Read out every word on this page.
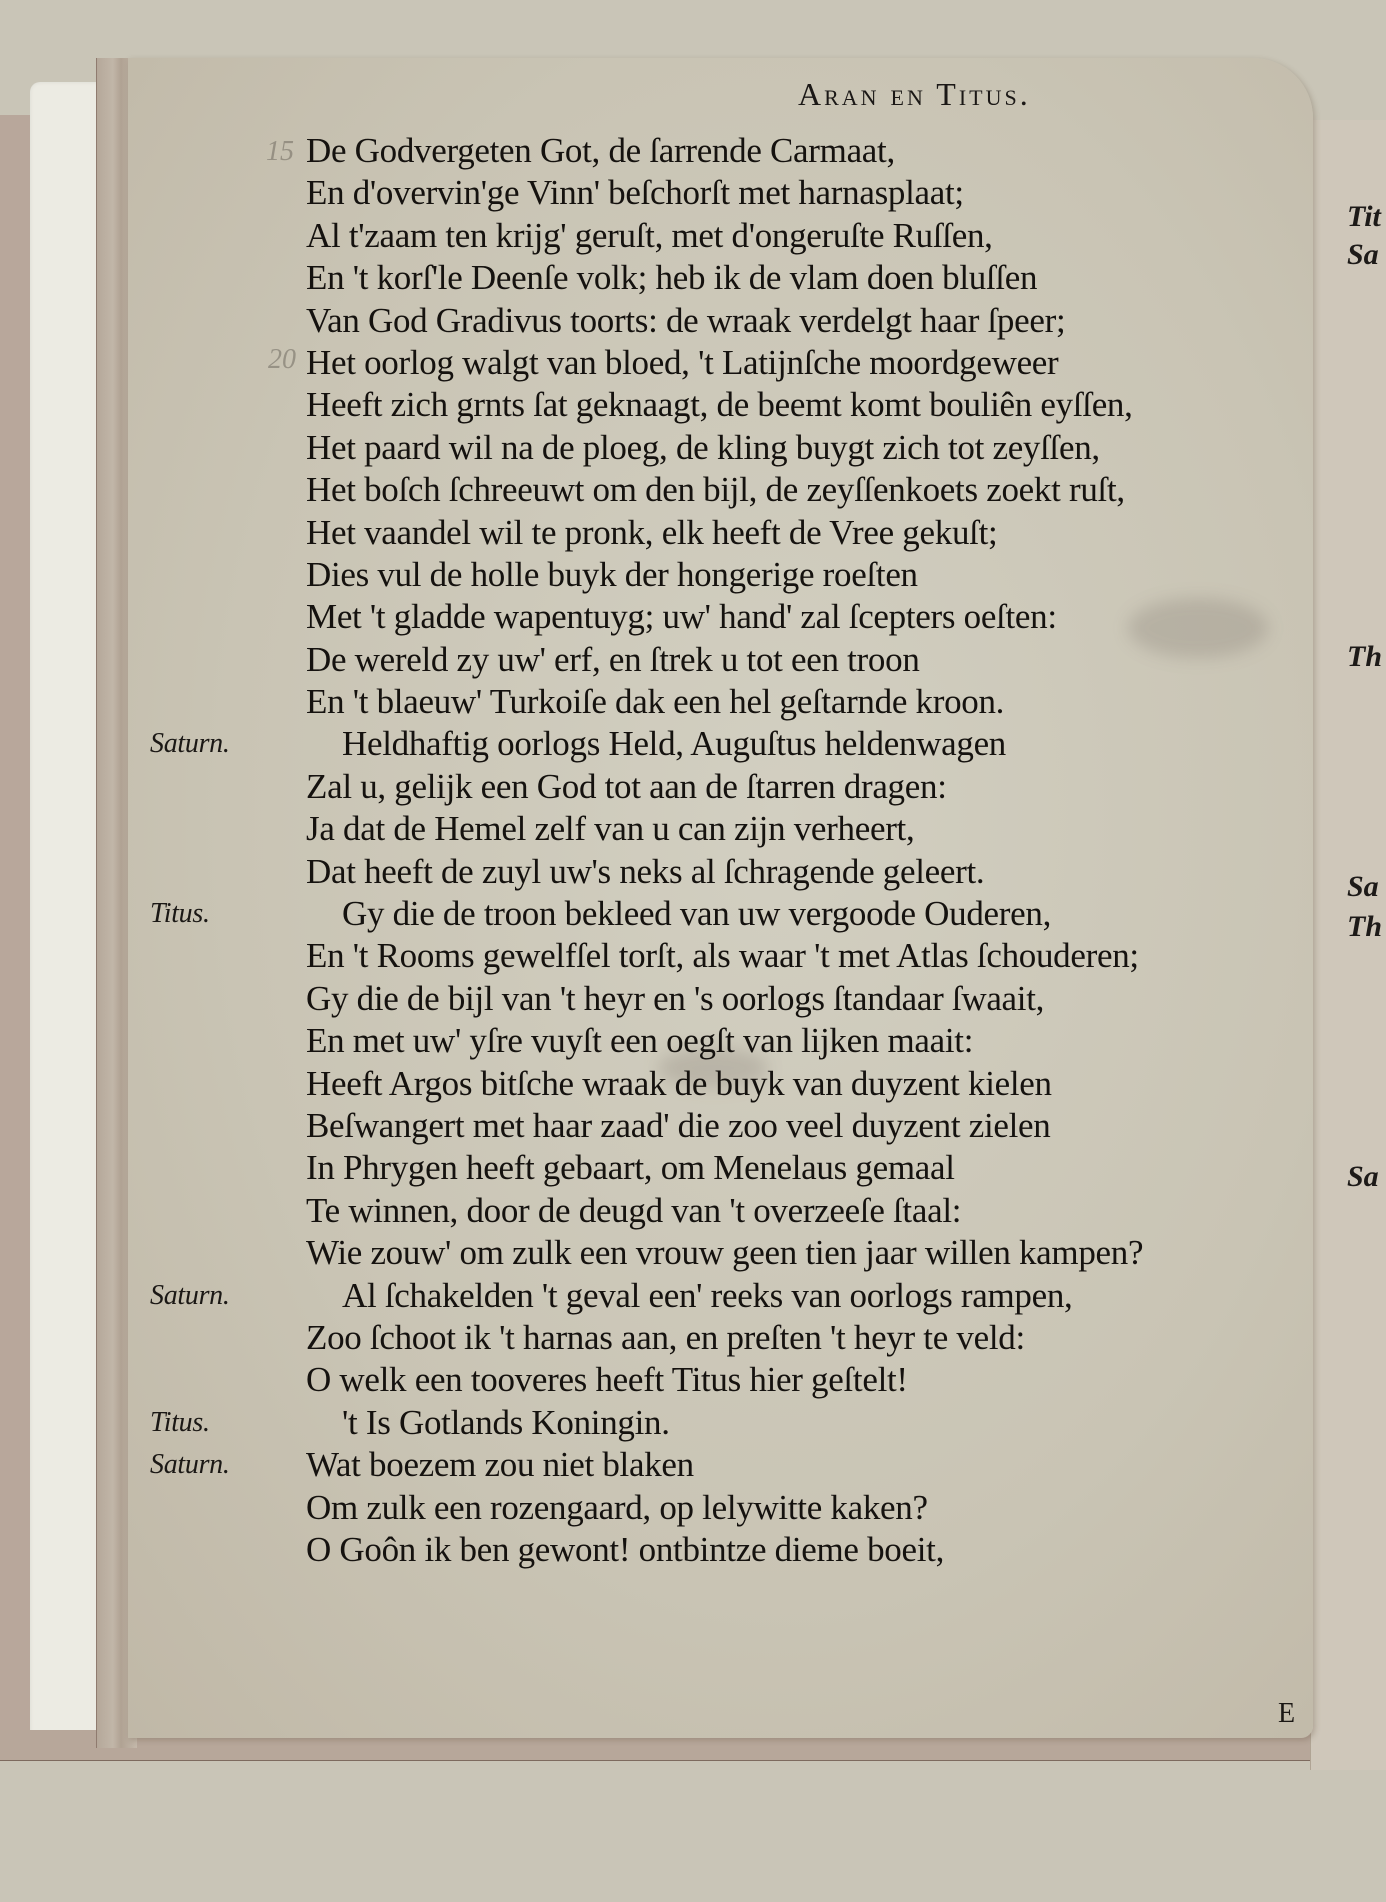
Tit
Sa
Th
Sa
Th
Sa
Aran en Titus.
15
20
De Godvergeten Got, de ſarrende Carmaat,
En d'overvin'ge Vinn' beſchorſt met harnasplaat;
Al t'zaam ten krijg' geruſt, met d'ongeruſte Ruſſen,
En 't korſ'le Deenſe volk; heb ik de vlam doen bluſſen
Van God Gradivus toorts: de wraak verdelgt haar ſpeer;
Het oorlog walgt van bloed, 't Latijnſche moordgeweer
Heeft zich grnts ſat geknaagt, de beemt komt bouliên eyſſen,
Het paard wil na de ploeg, de kling buygt zich tot zeyſſen,
Het boſch ſchreeuwt om den bijl, de zeyſſenkoets zoekt ruſt,
Het vaandel wil te pronk, elk heeft de Vree gekuſt;
Dies vul de holle buyk der hongerige roeſten
Met 't gladde wapentuyg; uw' hand' zal ſcepters oeſten:
De wereld zy uw' erf, en ſtrek u tot een troon
En 't blaeuw' Turkoiſe dak een hel geſtarnde kroon.
Saturn.	Heldhaftig oorlogs Held, Auguſtus heldenwagen
Zal u, gelijk een God tot aan de ſtarren dragen:
Ja dat de Hemel zelf van u can zijn verheert,
Dat heeft de zuyl uw's neks al ſchragende geleert.
Titus.	Gy die de troon bekleed van uw vergoode Ouderen,
En 't Rooms gewelfſel torſt, als waar 't met Atlas ſchouderen;
Gy die de bijl van 't heyr en 's oorlogs ſtandaar ſwaait,
En met uw' yſre vuyſt een oegſt van lijken maait:
Heeft Argos bitſche wraak de buyk van duyzent kielen
Beſwangert met haar zaad' die zoo veel duyzent zielen
In Phrygen heeft gebaart, om Menelaus gemaal
Te winnen, door de deugd van 't overzeeſe ſtaal:
Wie zouw' om zulk een vrouw geen tien jaar willen kampen?
Saturn.	Al ſchakelden 't geval een' reeks van oorlogs rampen,
Zoo ſchoot ik 't harnas aan, en preſten 't heyr te veld:
O welk een tooveres heeft Titus hier geſtelt!
Titus.	't Is Gotlands Koningin.
Saturn. Wat boezem zou niet blaken
Om zulk een rozengaard, op lelywitte kaken?
O Goôn ik ben gewont! ontbintze dieme boeit,
E
